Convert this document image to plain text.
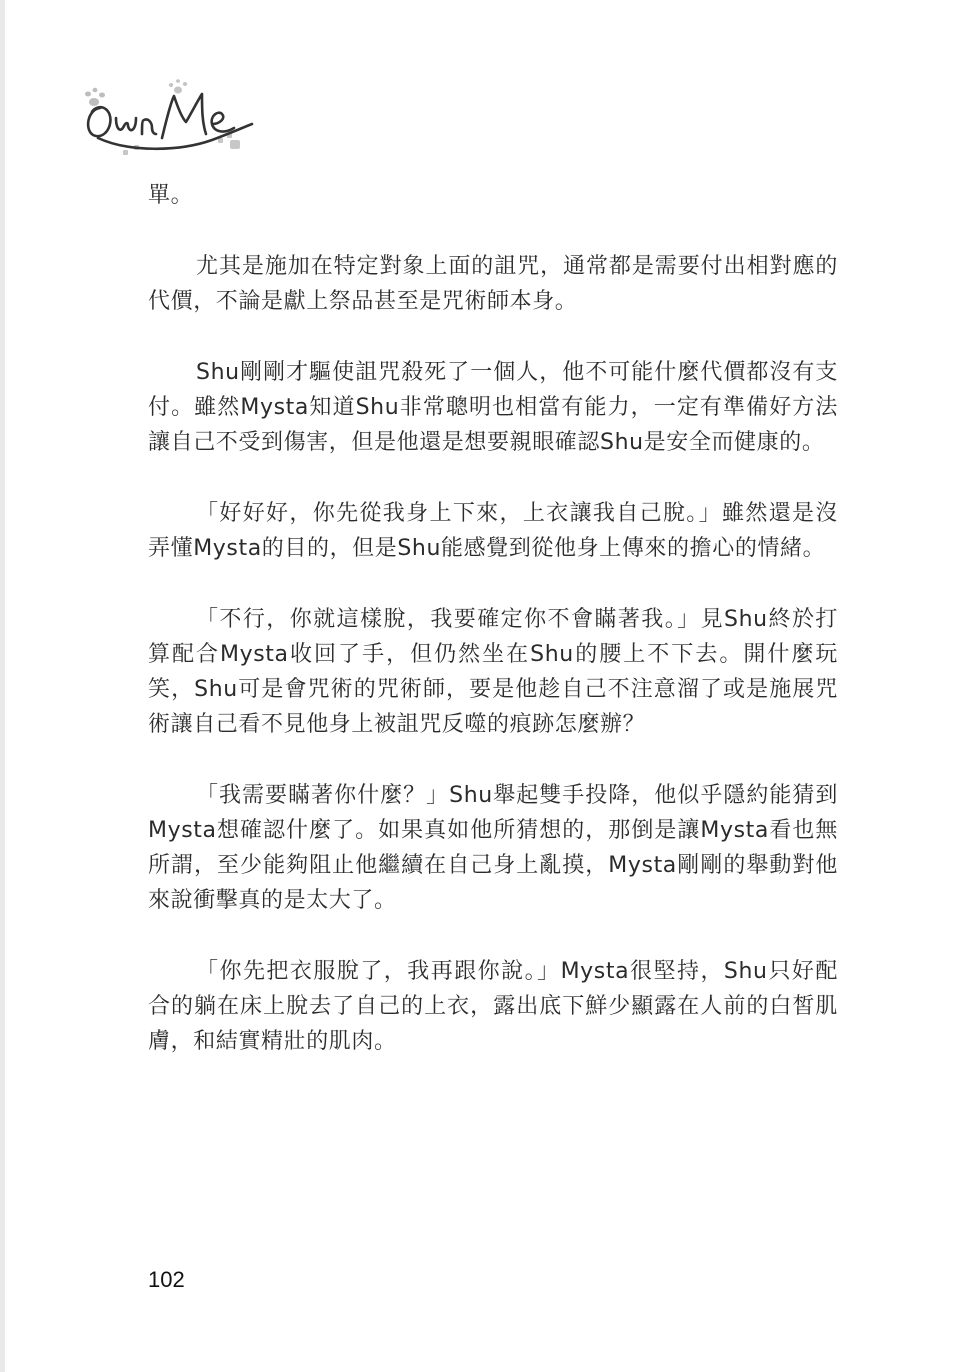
單。

尤其是施加在特定對象上面的詛咒，通常都是需要付出相對應的代價，不論是獻上祭品甚至是咒術師本身。

Shu剛剛才驅使詛咒殺死了一個人，他不可能什麼代價都沒有支付。雖然Mysta知道Shu非常聰明也相當有能力，一定有準備好方法讓自己不受到傷害，但是他還是想要親眼確認Shu是安全而健康的。

「好好好，你先從我身上下來，上衣讓我自己脫。」雖然還是沒弄懂Mysta的目的，但是Shu能感覺到從他身上傳來的擔心的情緒。

「不行，你就這樣脫，我要確定你不會瞞著我。」見Shu終於打算配合Mysta收回了手，但仍然坐在Shu的腰上不下去。開什麼玩笑，Shu可是會咒術的咒術師，要是他趁自己不注意溜了或是施展咒術讓自己看不見他身上被詛咒反噬的痕跡怎麼辦？

「我需要瞞著你什麼？」Shu舉起雙手投降，他似乎隱約能猜到Mysta想確認什麼了。如果真如他所猜想的，那倒是讓Mysta看也無所謂，至少能夠阻止他繼續在自己身上亂摸，Mysta剛剛的舉動對他來說衝擊真的是太大了。

「你先把衣服脫了，我再跟你說。」Mysta很堅持，Shu只好配合的躺在床上脫去了自己的上衣，露出底下鮮少顯露在人前的白皙肌膚，和結實精壯的肌肉。

102
